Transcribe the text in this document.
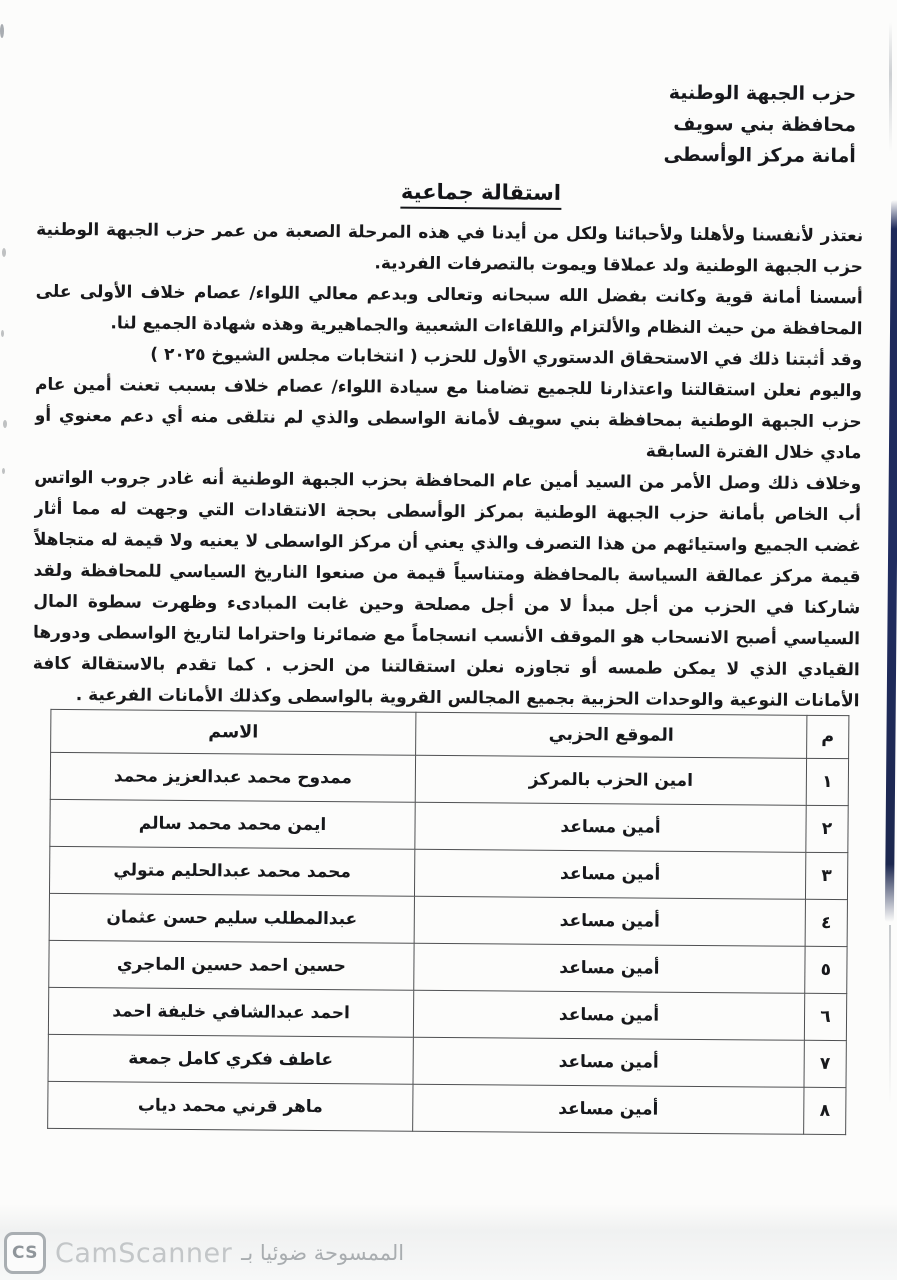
حزب الجبهة الوطنية
محافظة بني سويف
أمانة مركز الوأسطى
استقالة جماعية

نعتذر لأنفسنا ولأهلنا ولأحبائنا ولكل من أيدنا في هذه المرحلة الصعبة من عمر حزب الجبهة الوطنية حزب الجبهة الوطنية ولد عملاقا ويموت بالتصرفات الفردية.

أسسنا أمانة قوية وكانت بفضل الله سبحانه وتعالى وبدعم معالي اللواء/ عصام خلاف الأولى على المحافظة من حيث النظام والألتزام واللقاءات الشعبية والجماهيرية وهذه شهادة الجميع لنا.

وقد أثبتنا ذلك في الاستحقاق الدستوري الأول للحزب ( انتخابات مجلس الشيوخ ٢٠٢٥ )

واليوم نعلن استقالتنا واعتذارنا للجميع تضامنا مع سيادة اللواء/ عصام خلاف بسبب تعنت أمين عام حزب الجبهة الوطنية بمحافظة بني سويف لأمانة الواسطى والذي لم نتلقى منه أي دعم معنوي أو مادي خلال الفترة السابقة

وخلاف ذلك وصل الأمر من السيد أمين عام المحافظة بحزب الجبهة الوطنية أنه غادر جروب الواتس أب الخاص بأمانة حزب الجبهة الوطنية بمركز الوأسطى بحجة الانتقادات التي وجهت له مما أثار غضب الجميع واستيائهم من هذا التصرف والذي يعني أن مركز الواسطى لا يعنيه ولا قيمة له متجاهلاً قيمة مركز عمالقة السياسة بالمحافظة ومتناسياً قيمة من صنعوا الناريخ السياسي للمحافظة ولقد شاركنا في الحزب من أجل مبدأ لا من أجل مصلحة وحين غابت المبادىء وظهرت سطوة المال السياسي أصبح الانسحاب هو الموقف الأنسب انسجاماً مع ضمائرنا واحتراما لتاريخ الواسطى ودورها القيادي الذي لا يمكن طمسه أو تجاوزه نعلن استقالتنا من الحزب . كما تقدم بالاستقالة كافة الأمانات النوعية والوحدات الحزبية بجميع المجالس القروية بالواسطى وكذلك الأمانات الفرعية .

م	الموقع الحزبي	الاسم
١	امين الحزب بالمركز	ممدوح محمد عبدالعزيز محمد
٢	أمين مساعد	ايمن محمد محمد سالم
٣	أمين مساعد	محمد محمد عبدالحليم متولي
٤	أمين مساعد	عبدالمطلب سليم حسن عثمان
٥	أمين مساعد	حسين احمد حسين الماجري
٦	أمين مساعد	احمد عبدالشافي خليفة احمد
٧	أمين مساعد	عاطف فكري كامل جمعة
٨	أمين مساعد	ماهر قرني محمد دياب
CS CamScanner الممسوحة ضوئيا بـ
